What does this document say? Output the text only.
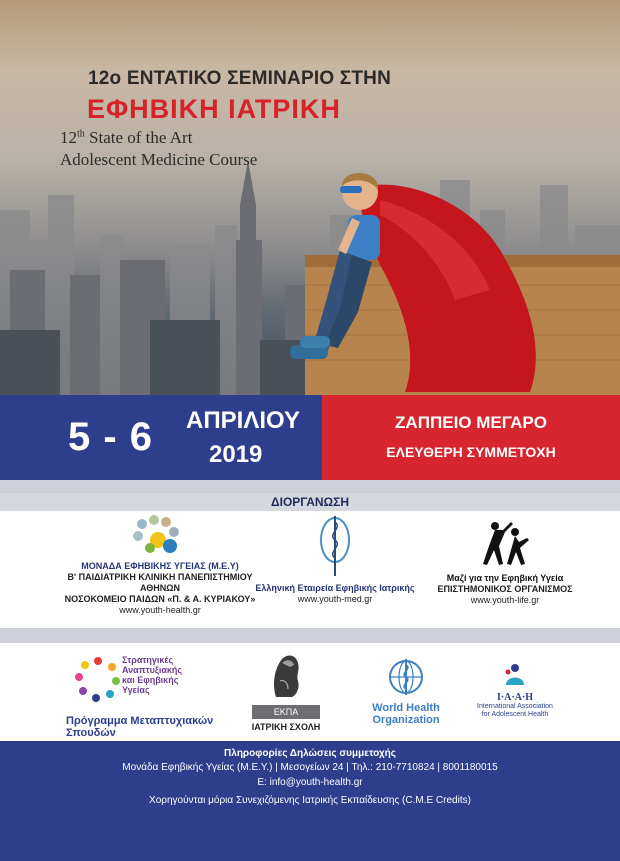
12ο ΕΝΤΑΤΙΚΟ ΣΕΜΙΝΑΡΙΟ ΣΤΗΝ
ΕΦΗΒΙΚΗ ΙΑΤΡΙΚΗ
12th State of the Art
Adolescent Medicine Course
5 - 6 ΑΠΡΙΛΙΟΥ
2019
ΖΑΠΠΕΙΟ ΜΕΓΑΡΟ
ΕΛΕΥΘΕΡΗ ΣΥΜΜΕΤΟΧΗ
ΔΙΟΡΓΑΝΩΣΗ

ΜΟΝΑΔΑ ΕΦΗΒΙΚΗΣ ΥΓΕΙΑΣ (Μ.Ε.Υ)

Β' ΠΑΙΔΙΑΤΡΙΚΗ ΚΛΙΝΙΚΗ ΠΑΝΕΠΙΣΤΗΜΙΟΥ ΑΘΗΝΩΝ

ΝΟΣΟΚΟΜΕΙΟ ΠΑΙΔΩΝ «Π. & Α. ΚΥΡΙΑΚΟΥ»

www.youth-health.gr

Ελληνική Εταιρεία Εφηβικής Ιατρικής

www.youth-med.gr

Μαζί για την Εφηβική Υγεία

ΕΠΙΣΤΗΜΟΝΙΚΟΣ ΟΡΓΑΝΙΣΜΟΣ

www.youth-life.gr

Στρατηγικές
Αναπτυξιακής
και Εφηβικής
Υγείας
Πρόγραμμα Μεταπτυχιακών Σπουδών
ΕΚΠΑ
ΙΑΤΡΙΚΗ ΣΧΟΛΗ
World Health
Organization
I·A·A·H
International Association
for Adolescent Health

Πληροφορίες Δηλώσεις συμμετοχής

Μονάδα Εφηβικής Υγείας (Μ.Ε.Υ.) | Μεσογείων 24 | Τηλ.: 210-7710824 | 8001180015

E: info@youth-health.gr

Χορηγούνται μόρια Συνεχιζόμενης Ιατρικής Εκπαίδευσης (C.M.E Credits)
